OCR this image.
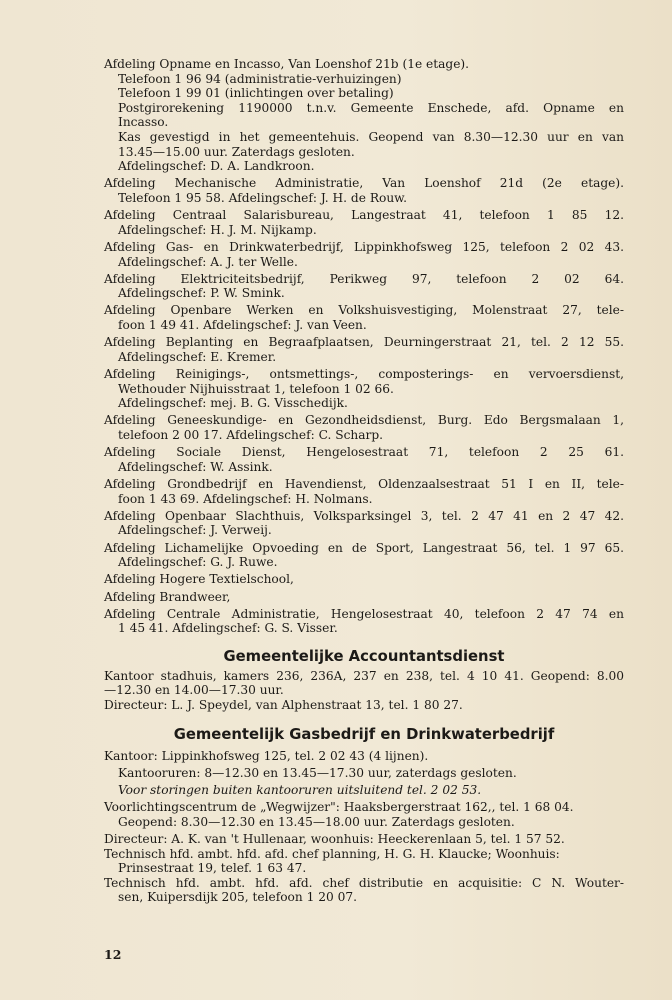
Afdeling Opname en Incasso, Van Loenshof 21b (1e etage).
Telefoon 1 96 94 (administratie-verhuizingen)
Telefoon 1 99 01 (inlichtingen over betaling)
Postgirorekening 1190000 t.n.v. Gemeente Enschede, afd. Opname en
Incasso.
Kas gevestigd in het gemeentehuis. Geopend van 8.30—12.30 uur en van
13.45—15.00 uur. Zaterdags gesloten.
Afdelingschef: D. A. Landkroon.
Afdeling Mechanische Administratie, Van Loenshof 21d (2e etage).
Telefoon 1 95 58. Afdelingschef: J. H. de Rouw.
Afdeling Centraal Salarisbureau, Langestraat 41, telefoon 1 85 12.
Afdelingschef: H. J. M. Nijkamp.
Afdeling Gas- en Drinkwaterbedrijf, Lippinkhofsweg 125, telefoon 2 02 43.
Afdelingschef: A. J. ter Welle.
Afdeling Elektriciteitsbedrijf, Perikweg 97, telefoon 2 02 64.
Afdelingschef: P. W. Smink.
Afdeling Openbare Werken en Volkshuisvestiging, Molenstraat 27, tele-
foon 1 49 41. Afdelingschef: J. van Veen.
Afdeling Beplanting en Begraafplaatsen, Deurningerstraat 21, tel. 2 12 55.
Afdelingschef: E. Kremer.
Afdeling Reinigings-, ontsmettings-, composterings- en vervoersdienst,
Wethouder Nijhuisstraat 1, telefoon 1 02 66.
Afdelingschef: mej. B. G. Visschedijk.
Afdeling Geneeskundige- en Gezondheidsdienst, Burg. Edo Bergsmalaan 1,
telefoon 2 00 17. Afdelingschef: C. Scharp.
Afdeling Sociale Dienst, Hengelosestraat 71, telefoon 2 25 61.
Afdelingschef: W. Assink.
Afdeling Grondbedrijf en Havendienst, Oldenzaalsestraat 51 I en II, tele-
foon 1 43 69. Afdelingschef: H. Nolmans.
Afdeling Openbaar Slachthuis, Volksparksingel 3, tel. 2 47 41 en 2 47 42.
Afdelingschef: J. Verweij.
Afdeling Lichamelijke Opvoeding en de Sport, Langestraat 56, tel. 1 97 65.
Afdelingschef: G. J. Ruwe.
Afdeling Hogere Textielschool,
Afdeling Brandweer,
Afdeling Centrale Administratie, Hengelosestraat 40, telefoon 2 47 74 en
1 45 41. Afdelingschef: G. S. Visser.
Gemeentelijke Accountantsdienst
Kantoor stadhuis, kamers 236, 236A, 237 en 238, tel. 4 10 41. Geopend: 8.00
—12.30 en 14.00—17.30 uur.
Directeur: L. J. Speydel, van Alphenstraat 13, tel. 1 80 27.
Gemeentelijk Gasbedrijf en Drinkwaterbedrijf
Kantoor: Lippinkhofsweg 125, tel. 2 02 43 (4 lijnen).
Kantooruren: 8—12.30 en 13.45—17.30 uur, zaterdags gesloten.
Voor storingen buiten kantooruren uitsluitend tel. 2 02 53.
Voorlichtingscentrum de „Wegwijzer": Haaksbergerstraat 162,, tel. 1 68 04.
Geopend: 8.30—12.30 en 13.45—18.00 uur. Zaterdags gesloten.
Directeur: A. K. van 't Hullenaar, woonhuis: Heeckerenlaan 5, tel. 1 57 52.
Technisch hfd. ambt. hfd. afd. chef planning, H. G. H. Klaucke; Woonhuis:
Prinsestraat 19, telef. 1 63 47.
Technisch hfd. ambt. hfd. afd. chef distributie en acquisitie: C N. Wouter-
sen, Kuipersdijk 205, telefoon 1 20 07.
12
